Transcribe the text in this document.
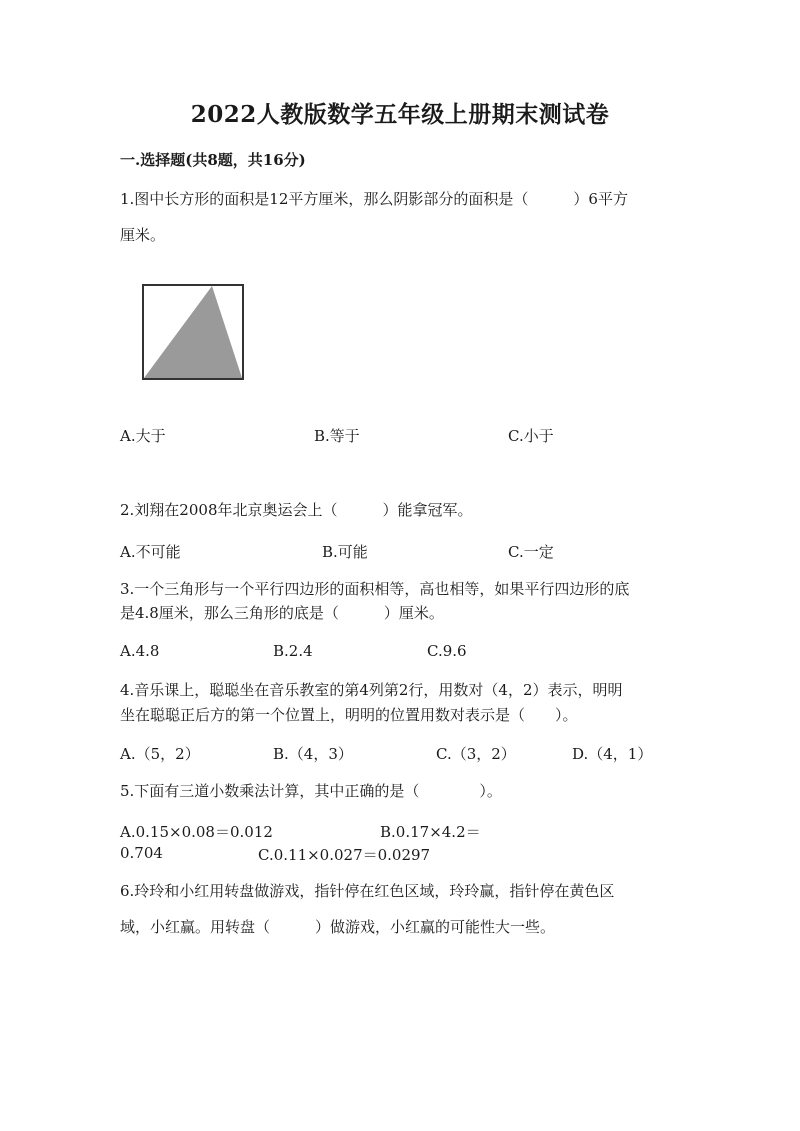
2022人教版数学五年级上册期末测试卷
一.选择题(共8题，共16分)
1.图中长方形的面积是12平方厘米，那么阴影部分的面积是（　　　）6平方
厘米。
A.大于	B.等于	C.小于
2.刘翔在2008年北京奥运会上（　　　）能拿冠军。
A.不可能	B.可能	C.一定
3.一个三角形与一个平行四边形的面积相等，高也相等，如果平行四边形的底
是4.8厘米，那么三角形的底是（　　　）厘米。
A.4.8	B.2.4	C.9.6
4.音乐课上，聪聪坐在音乐教室的第4列第2行，用数对（4，2）表示，明明
坐在聪聪正后方的第一个位置上，明明的位置用数对表示是（　　）。
A.（5，2）	B.（4，3）	C.（3，2）	D.（4，1）
5.下面有三道小数乘法计算，其中正确的是（　　　　）。
A.0.15×0.08＝0.012	B.0.17×4.2＝
0.704	C.0.11×0.027＝0.0297
6.玲玲和小红用转盘做游戏，指针停在红色区域，玲玲赢，指针停在黄色区
域，小红赢。用转盘（　　　）做游戏，小红赢的可能性大一些。
